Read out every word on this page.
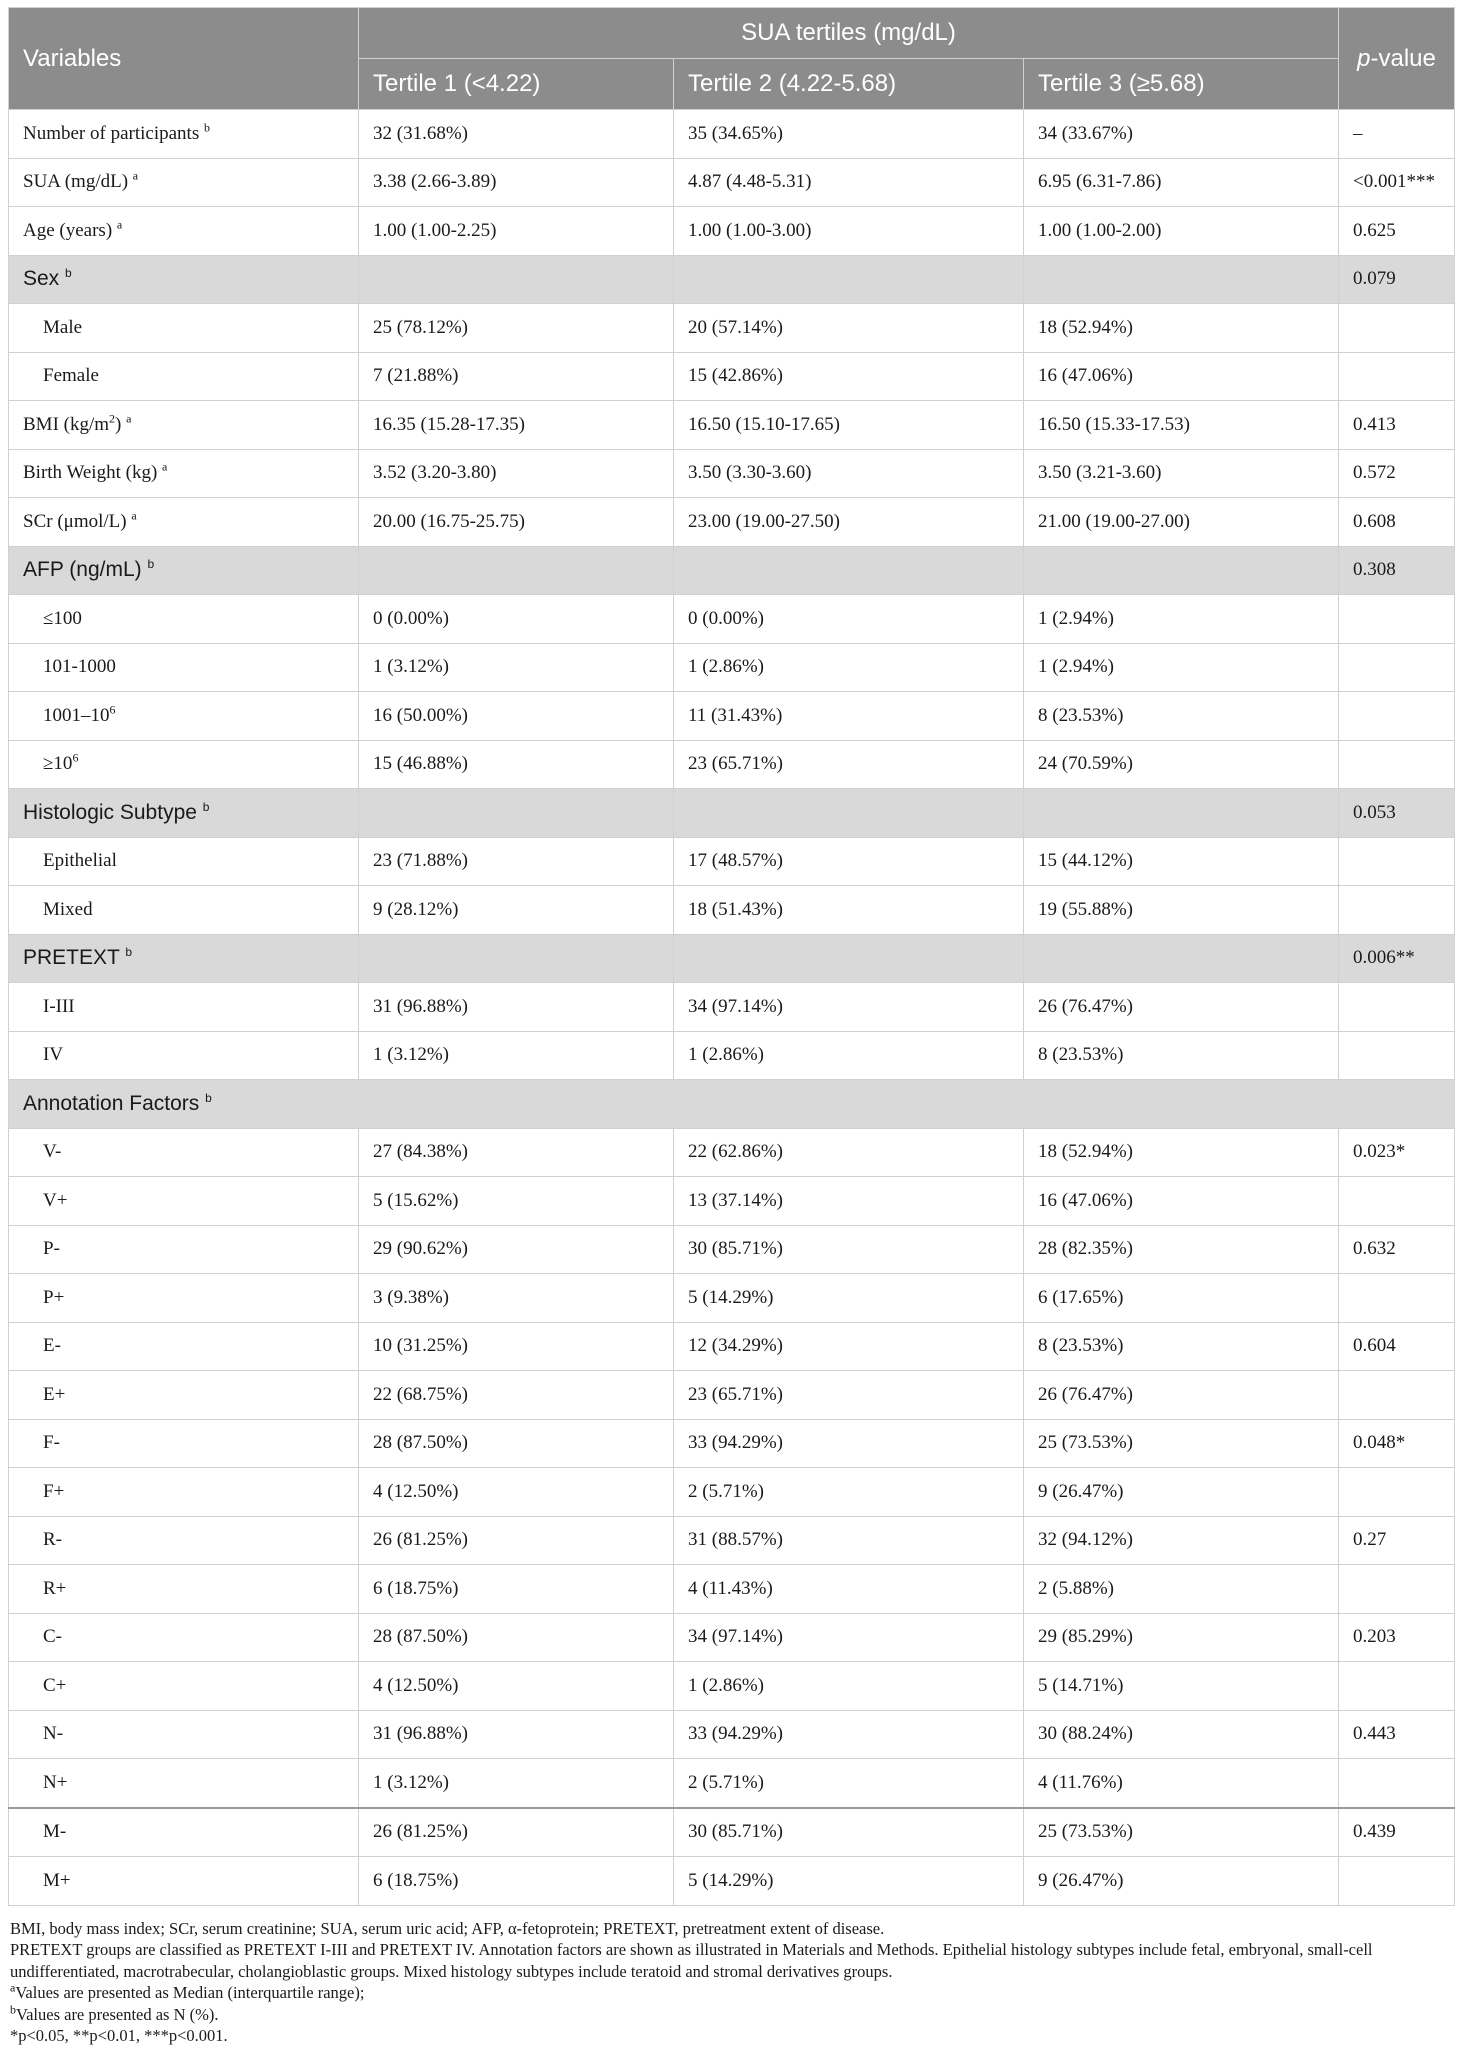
Variables	SUA tertiles (mg/dL)			p-value
	Tertile 1 (<4.22)	Tertile 2 (4.22-5.68)	Tertile 3 (≥5.68)	
Number of participants $^b$	32 (31.68%)	35 (34.65%)	34 (33.67%)	–
SUA (mg/dL) $^a$	3.38 (2.66-3.89)	4.87 (4.48-5.31)	6.95 (6.31-7.86)	<0.001***
Age (years) $^a$	1.00 (1.00-2.25)	1.00 (1.00-3.00)	1.00 (1.00-2.00)	0.625
Sex $^b$				0.079
Male	25 (78.12%)	20 (57.14%)	18 (52.94%)	
Female	7 (21.88%)	15 (42.86%)	16 (47.06%)	
BMI $(kg/m^2)$ $^a$	16.35 (15.28-17.35)	16.50 (15.10-17.65)	16.50 (15.33-17.53)	0.413
Birth Weight (kg) $^a$	3.52 (3.20-3.80)	3.50 (3.30-3.60)	3.50 (3.21-3.60)	0.572
SCr (μmol/L) $^a$	20.00 (16.75-25.75)	23.00 (19.00-27.50)	21.00 (19.00-27.00)	0.608
AFP (ng/mL) $^b$				0.308
≤100	0 (0.00%)	0 (0.00%)	1 (2.94%)	
101-1000	1 (3.12%)	1 (2.86%)	1 (2.94%)	
$1001-10^6$	16 (50.00%)	11 (31.43%)	8 (23.53%)	
$\ge 10^6$	15 (46.88%)	23 (65.71%)	24 (70.59%)	
Histologic Subtype $^b$				0.053
Epithelial	23 (71.88%)	17 (48.57%)	15 (44.12%)	
Mixed	9 (28.12%)	18 (51.43%)	19 (55.88%)	
PRETEXT $^b$				0.006**
I-III	31 (96.88%)	34 (97.14%)	26 (76.47%)	
IV	1 (3.12%)	1 (2.86%)	8 (23.53%)	
Annotation Factors $^b$
V-	27 (84.38%)	22 (62.86%)	18 (52.94%)	0.023*
V+	5 (15.62%)	13 (37.14%)	16 (47.06%)	
P-	29 (90.62%)	30 (85.71%)	28 (82.35%)	0.632
P+	3 (9.38%)	5 (14.29%)	6 (17.65%)	
E-	10 (31.25%)	12 (34.29%)	8 (23.53%)	0.604
E+	22 (68.75%)	23 (65.71%)	26 (76.47%)	
F-	28 (87.50%)	33 (94.29%)	25 (73.53%)	0.048*
F+	4 (12.50%)	2 (5.71%)	9 (26.47%)	
R-	26 (81.25%)	31 (88.57%)	32 (94.12%)	0.27
R+	6 (18.75%)	4 (11.43%)	2 (5.88%)	
C-	28 (87.50%)	34 (97.14%)	29 (85.29%)	0.203
C+	4 (12.50%)	1 (2.86%)	5 (14.71%)	
N-	31 (96.88%)	33 (94.29%)	30 (88.24%)	0.443
N+	1 (3.12%)	2 (5.71%)	4 (11.76%)	
M-	26 (81.25%)	30 (85.71%)	25 (73.53%)	0.439
M+	6 (18.75%)	5 (14.29%)	9 (26.47%)	

BMI, body mass index; SCr, serum creatinine; SUA, serum uric acid; AFP, α-fetoprotein; PRETEXT, pretreatment extent of disease.

PRETEXT groups are classified as PRETEXT I-III and PRETEXT IV. Annotation factors are shown as illustrated in Materials and Methods. Epithelial histology subtypes include fetal, embryonal, small-cell undifferentiated, macrotrabecular, cholangioblastic groups. Mixed histology subtypes include teratoid and stromal derivatives groups.

$^a$Values are presented as Median (interquartile range);

$^b$Values are presented as N (%).

*p<0.05, **p<0.01, ***p<0.001.
